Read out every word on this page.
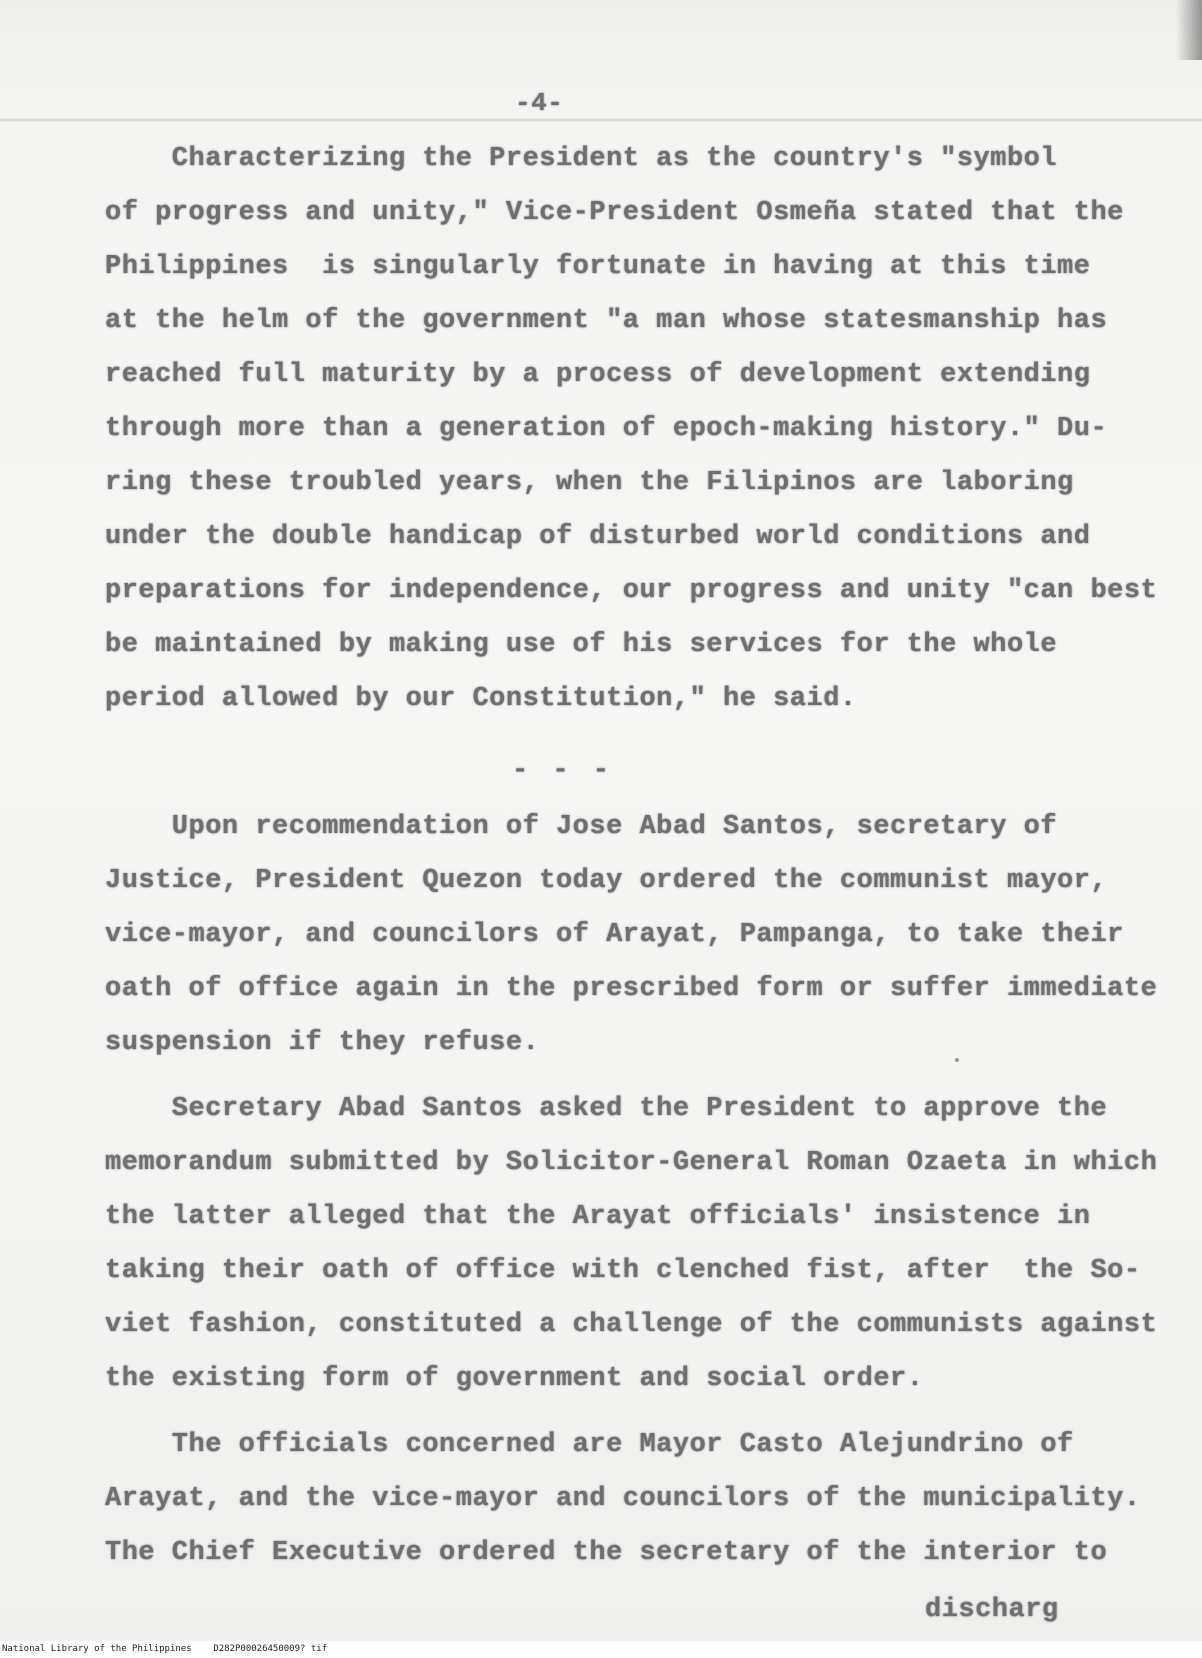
-4-
Characterizing the President as the country's "symbol
of progress and unity," Vice-President Osmeña stated that the
Philippines  is singularly fortunate in having at this time
at the helm of the government "a man whose statesmanship has
reached full maturity by a process of development extending
through more than a generation of epoch-making history." Du-
ring these troubled years, when the Filipinos are laboring
under the double handicap of disturbed world conditions and
preparations for independence, our progress and unity "can best
be maintained by making use of his services for the whole
period allowed by our Constitution," he said.
- - -
Upon recommendation of Jose Abad Santos, secretary of
Justice, President Quezon today ordered the communist mayor,
vice-mayor, and councilors of Arayat, Pampanga, to take their
oath of office again in the prescribed form or suffer immediate
suspension if they refuse.
Secretary Abad Santos asked the President to approve the
memorandum submitted by Solicitor-General Roman Ozaeta in which
the latter alleged that the Arayat officials' insistence in
taking their oath of office with clenched fist, after  the So-
viet fashion, constituted a challenge of the communists against
the existing form of government and social order.
The officials concerned are Mayor Casto Alejundrino of
Arayat, and the vice-mayor and councilors of the municipality.
The Chief Executive ordered the secretary of the interior to
discharg
National Library of the Philippines    D282P00026450009? tif
